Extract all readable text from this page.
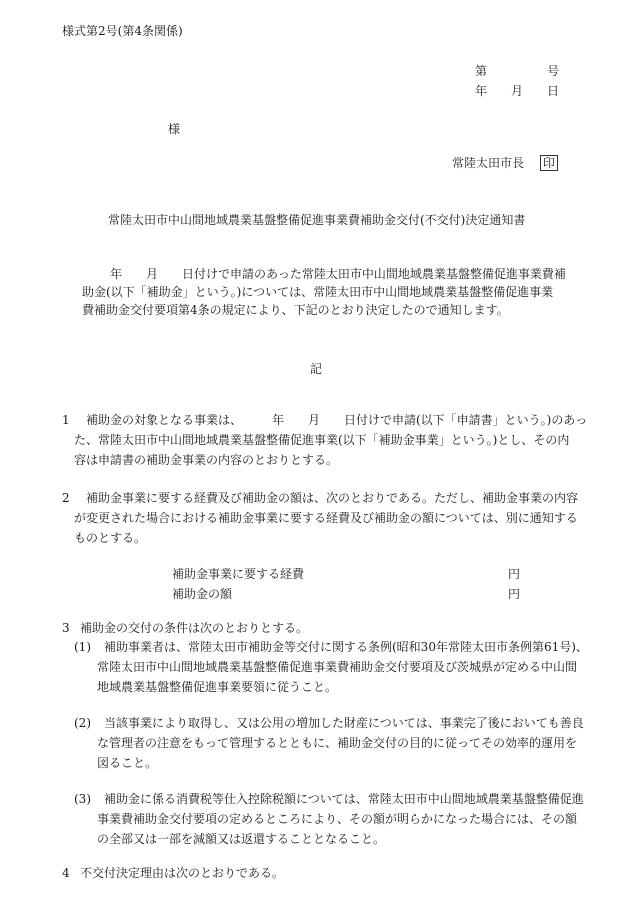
様式第2号(第4条関係)
第　　　　　号
年　　月　　日
様
常陸太田市長 印
常陸太田市中山間地域農業基盤整備促進事業費補助金交付(不交付)決定通知書
年　　月　　日付けで申請のあった常陸太田市中山間地域農業基盤整備促進事業費補
助金(以下「補助金」という。)については、常陸太田市中山間地域農業基盤整備促進事業
費補助金交付要項第4条の規定により、下記のとおり決定したので通知します。
記
1 補助金の対象となる事業は、　　　年　　月　　日付けで申請(以下「申請書」という。)のあっ
た、常陸太田市中山間地域農業基盤整備促進事業(以下「補助金事業」という。)とし、その内
容は申請書の補助金事業の内容のとおりとする。
2 補助金事業に要する経費及び補助金の額は、次のとおりである。ただし、補助金事業の内容
が変更された場合における補助金事業に要する経費及び補助金の額については、別に通知する
ものとする。
補助金事業に要する経費	円
補助金の額	円
3 補助金の交付の条件は次のとおりとする。
(1) 補助事業者は、常陸太田市補助金等交付に関する条例(昭和30年常陸太田市条例第61号)、
常陸太田市中山間地域農業基盤整備促進事業費補助金交付要項及び茨城県が定める中山間
地域農業基盤整備促進事業要領に従うこと。
(2) 当該事業により取得し、又は公用の増加した財産については、事業完了後においても善良
な管理者の注意をもって管理するとともに、補助金交付の目的に従ってその効率的運用を
図ること。
(3) 補助金に係る消費税等仕入控除税額については、常陸太田市中山間地域農業基盤整備促進
事業費補助金交付要項の定めるところにより、その額が明らかになった場合には、その額
の全部又は一部を減額又は返還することとなること。
4 不交付決定理由は次のとおりである。
